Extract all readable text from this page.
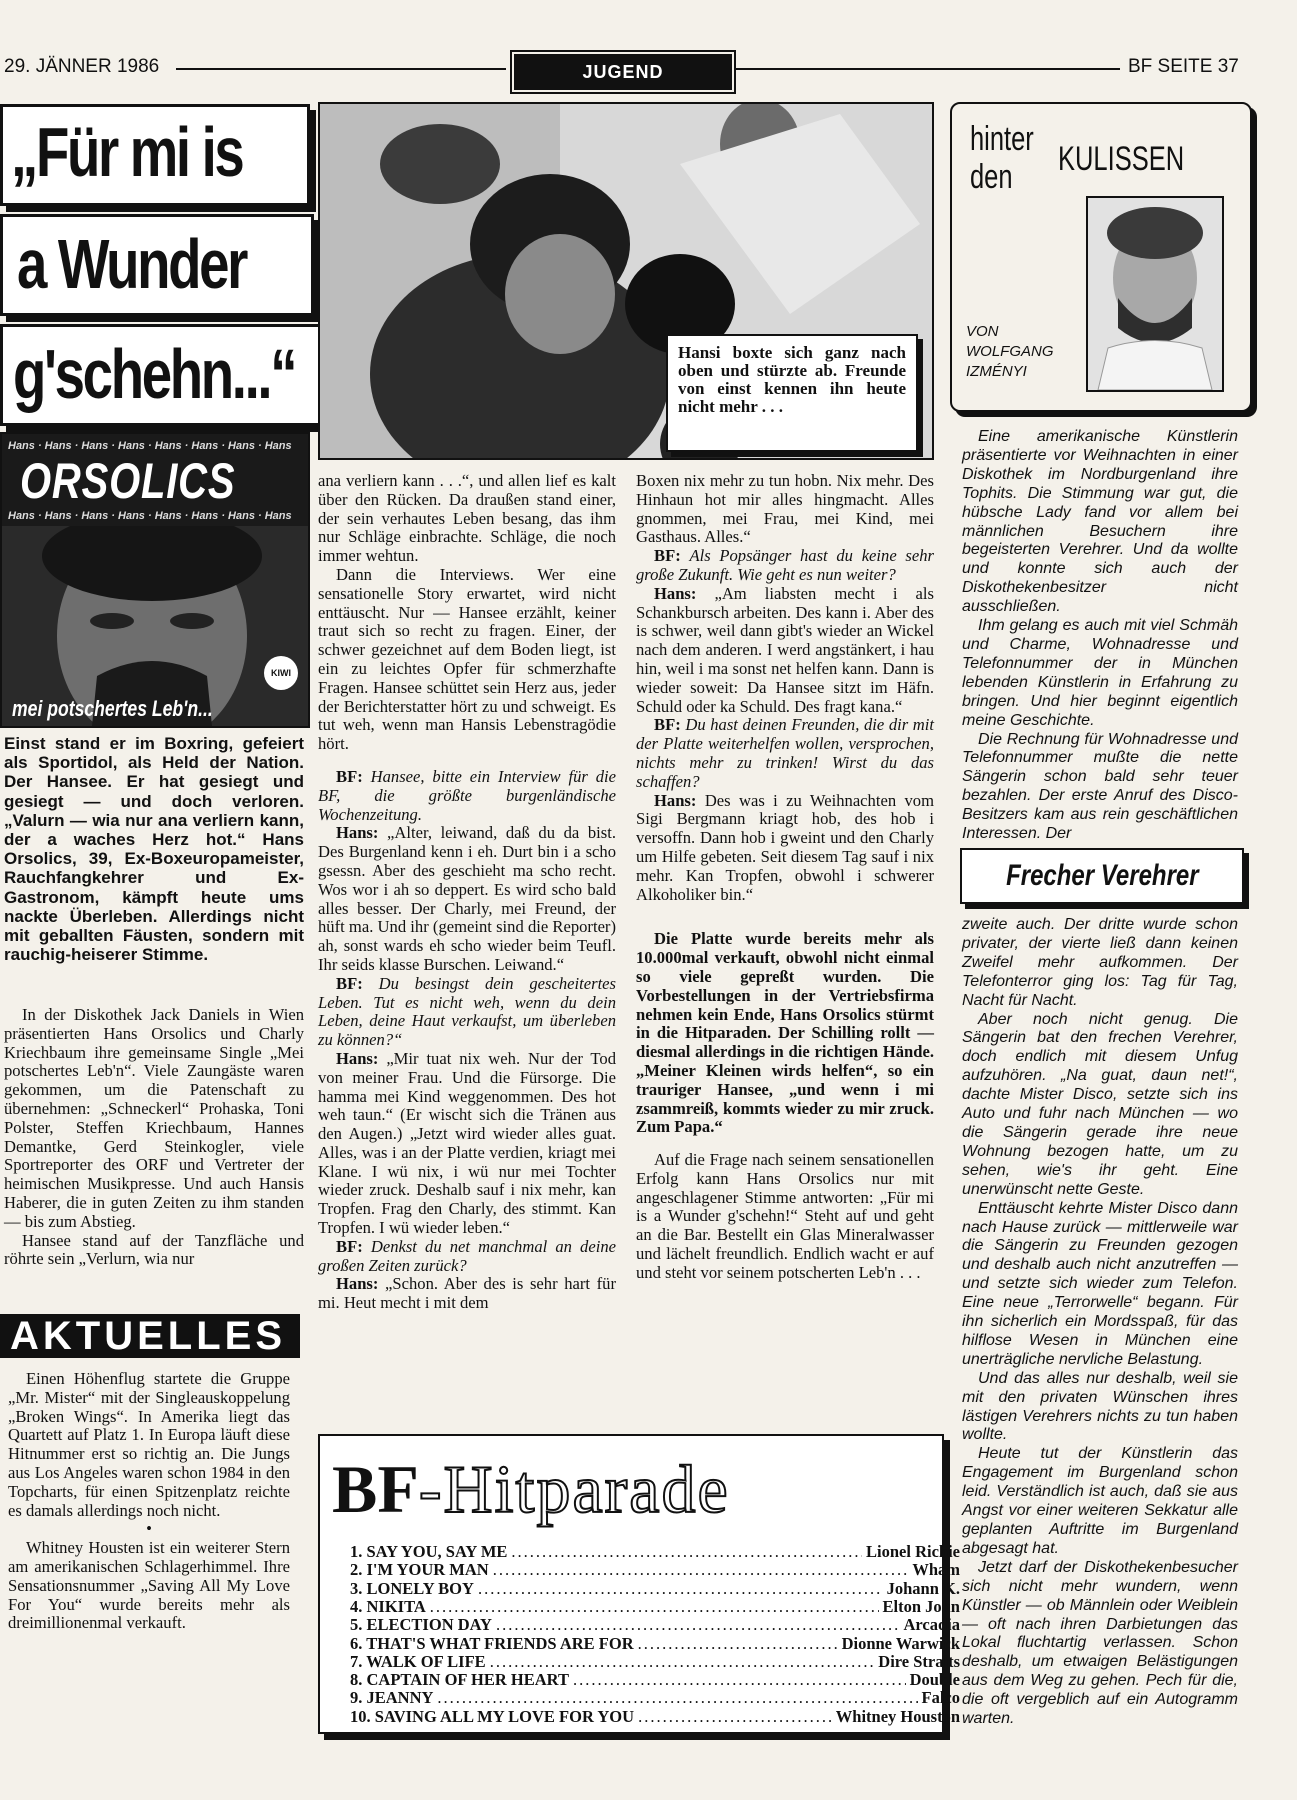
29. JÄNNER 1986	JUGEND	BF SEITE 37
„Für mi is
a Wunder
g'schehn...“	Hansi boxte sich ganz nach oben und stürzte ab. Freunde von einst kennen ihn heute nicht mehr . . .
Hans · Hans · Hans · Hans · Hans · Hans · Hans · Hans
ORSOLICS
Hans · Hans · Hans · Hans · Hans · Hans · Hans · Hans
mei potschertes Leb'n...
KIWI
Einst stand er im Boxring, gefeiert als Sportidol, als Held der Nation. Der Hansee. Er hat gesiegt und gesiegt — und doch verloren. „Valurn — wia nur ana verliern kann, der a waches Herz hot.“ Hans Orsolics, 39, Ex-Boxeuropameister, Rauchfangkehrer und Ex-Gastronom, kämpft heute ums nackte Überleben. Allerdings nicht mit geballten Fäusten, sondern mit rauchig-heiserer Stimme.

In der Diskothek Jack Daniels in Wien präsentierten Hans Orsolics und Charly Kriechbaum ihre gemeinsame Single „Mei potschertes Leb'n“. Viele Zaungäste waren gekommen, um die Patenschaft zu übernehmen: „Schneckerl“ Prohaska, Toni Polster, Steffen Kriechbaum, Hannes Demantke, Gerd Steinkogler, viele Sportreporter des ORF und Vertreter der heimischen Musikpresse. Und auch Hansis Haberer, die in guten Zeiten zu ihm standen — bis zum Abstieg.

Hansee stand auf der Tanzfläche und röhrte sein „Verlurn, wia nur

AKTUELLES

Einen Höhenflug startete die Gruppe „Mr. Mister“ mit der Singleauskoppelung „Broken Wings“. In Amerika liegt das Quartett auf Platz 1. In Europa läuft diese Hitnummer erst so richtig an. Die Jungs aus Los Angeles waren schon 1984 in den Topcharts, für einen Spitzenplatz reichte es damals allerdings noch nicht.

•

Whitney Housten ist ein weiterer Stern am amerikanischen Schlagerhimmel. Ihre Sensationsnummer „Saving All My Love For You“ wurde bereits mehr als dreimillionenmal verkauft.

ana verliern kann . . .“, und allen lief es kalt über den Rücken. Da draußen stand einer, der sein verhautes Leben besang, das ihm nur Schläge einbrachte. Schläge, die noch immer wehtun.

Dann die Interviews. Wer eine sensationelle Story erwartet, wird nicht enttäuscht. Nur — Hansee erzählt, keiner traut sich so recht zu fragen. Einer, der schwer gezeichnet auf dem Boden liegt, ist ein zu leichtes Opfer für schmerzhafte Fragen. Hansee schüttet sein Herz aus, jeder der Berichterstatter hört zu und schweigt. Es tut weh, wenn man Hansis Lebenstragödie hört.

BF: Hansee, bitte ein Interview für die BF, die größte burgenländische Wochenzeitung.

Hans: „Alter, leiwand, daß du da bist. Des Burgenland kenn i eh. Durt bin i a scho gsessn. Aber des geschieht ma scho recht. Wos wor i ah so deppert. Es wird scho bald alles besser. Der Charly, mei Freund, der hüft ma. Und ihr (gemeint sind die Reporter) ah, sonst wards eh scho wieder beim Teufl. Ihr seids klasse Burschen. Leiwand.“

BF: Du besingst dein gescheitertes Leben. Tut es nicht weh, wenn du dein Leben, deine Haut verkaufst, um überleben zu können?“

Hans: „Mir tuat nix weh. Nur der Tod von meiner Frau. Und die Fürsorge. Die hamma mei Kind weggenommen. Des hot weh taun.“ (Er wischt sich die Tränen aus den Augen.) „Jetzt wird wieder alles guat. Alles, was i an der Platte verdien, kriagt mei Klane. I wü nix, i wü nur mei Tochter wieder zruck. Deshalb sauf i nix mehr, kan Tropfen. Frag den Charly, des stimmt. Kan Tropfen. I wü wieder leben.“

BF: Denkst du net manchmal an deine großen Zeiten zurück?

Hans: „Schon. Aber des is sehr hart für mi. Heut mecht i mit dem

Boxen nix mehr zu tun hobn. Nix mehr. Des Hinhaun hot mir alles hingmacht. Alles gnommen, mei Frau, mei Kind, mei Gasthaus. Alles.“

BF: Als Popsänger hast du keine sehr große Zukunft. Wie geht es nun weiter?

Hans: „Am liabsten mecht i als Schankbursch arbeiten. Des kann i. Aber des is schwer, weil dann gibt's wieder an Wickel nach dem anderen. I werd angstänkert, i hau hin, weil i ma sonst net helfen kann. Dann is wieder soweit: Da Hansee sitzt im Häfn. Schuld oder ka Schuld. Des fragt kana.“

BF: Du hast deinen Freunden, die dir mit der Platte weiterhelfen wollen, versprochen, nichts mehr zu trinken! Wirst du das schaffen?

Hans: Des was i zu Weihnachten vom Sigi Bergmann kriagt hob, des hob i versoffn. Dann hob i gweint und den Charly um Hilfe gebeten. Seit diesem Tag sauf i nix mehr. Kan Tropfen, obwohl i schwerer Alkoholiker bin.“

Die Platte wurde bereits mehr als 10.000mal verkauft, obwohl nicht einmal so viele gepreßt wurden. Die Vorbestellungen in der Vertriebsfirma nehmen kein Ende, Hans Orsolics stürmt in die Hitparaden. Der Schilling rollt — diesmal allerdings in die richtigen Hände. „Meiner Kleinen wirds helfen“, so ein trauriger Hansee, „und wenn i mi zsammreiß, kommts wieder zu mir zruck. Zum Papa.“

Auf die Frage nach seinem sensationellen Erfolg kann Hans Orsolics nur mit angeschlagener Stimme antworten: „Für mi is a Wunder g'schehn!“ Steht auf und geht an die Bar. Bestellt ein Glas Mineralwasser und lächelt freundlich. Endlich wacht er auf und steht vor seinem potscherten Leb'n . . .

BF-Hitparade
1. SAY YOU, SAY ME .....	Lionel Richie
2. I'M YOUR MAN .....	Wham
3. LONELY BOY .....	Johann K.
4. NIKITA .....	Elton John
5. ELECTION DAY .....	Arcadia
6. THAT'S WHAT FRIENDS ARE FOR .....	Dionne Warwick
7. WALK OF LIFE .....	Dire Straits
8. CAPTAIN OF HER HEART .....	Double
9. JEANNY .....	Falco
10. SAVING ALL MY LOVE FOR YOU .....	Whitney Houston
hinter
den KULISSEN
VON
WOLFGANG
IZMÉNYI

Eine amerikanische Künstlerin präsentierte vor Weihnachten in einer Diskothek im Nordburgenland ihre Tophits. Die Stimmung war gut, die hübsche Lady fand vor allem bei männlichen Besuchern ihre begeisterten Verehrer. Und da wollte und konnte sich auch der Diskothekenbesitzer nicht ausschließen.

Ihm gelang es auch mit viel Schmäh und Charme, Wohnadresse und Telefonnummer der in München lebenden Künstlerin in Erfahrung zu bringen. Und hier beginnt eigentlich meine Geschichte.

Die Rechnung für Wohnadresse und Telefonnummer mußte die nette Sängerin schon bald sehr teuer bezahlen. Der erste Anruf des Disco-Besitzers kam aus rein geschäftlichen Interessen. Der

Frecher Verehrer

zweite auch. Der dritte wurde schon privater, der vierte ließ dann keinen Zweifel mehr aufkommen. Der Telefonterror ging los: Tag für Tag, Nacht für Nacht.

Aber noch nicht genug. Die Sängerin bat den frechen Verehrer, doch endlich mit diesem Unfug aufzuhören. „Na guat, daun net!“, dachte Mister Disco, setzte sich ins Auto und fuhr nach München — wo die Sängerin gerade ihre neue Wohnung bezogen hatte, um zu sehen, wie's ihr geht. Eine unerwünscht nette Geste.

Enttäuscht kehrte Mister Disco dann nach Hause zurück — mittlerweile war die Sängerin zu Freunden gezogen und deshalb auch nicht anzutreffen — und setzte sich wieder zum Telefon. Eine neue „Terrorwelle“ begann. Für ihn sicherlich ein Mordsspaß, für das hilflose Wesen in München eine unerträgliche nervliche Belastung.

Und das alles nur deshalb, weil sie mit den privaten Wünschen ihres lästigen Verehrers nichts zu tun haben wollte.

Heute tut der Künstlerin das Engagement im Burgenland schon leid. Verständlich ist auch, daß sie aus Angst vor einer weiteren Sekkatur alle geplanten Auftritte im Burgenland abgesagt hat.

Jetzt darf der Diskothekenbesucher sich nicht mehr wundern, wenn Künstler — ob Männlein oder Weiblein — oft nach ihren Darbietungen das Lokal fluchtartig verlassen. Schon deshalb, um etwaigen Belästigungen aus dem Weg zu gehen. Pech für die, die oft vergeblich auf ein Autogramm warten.
